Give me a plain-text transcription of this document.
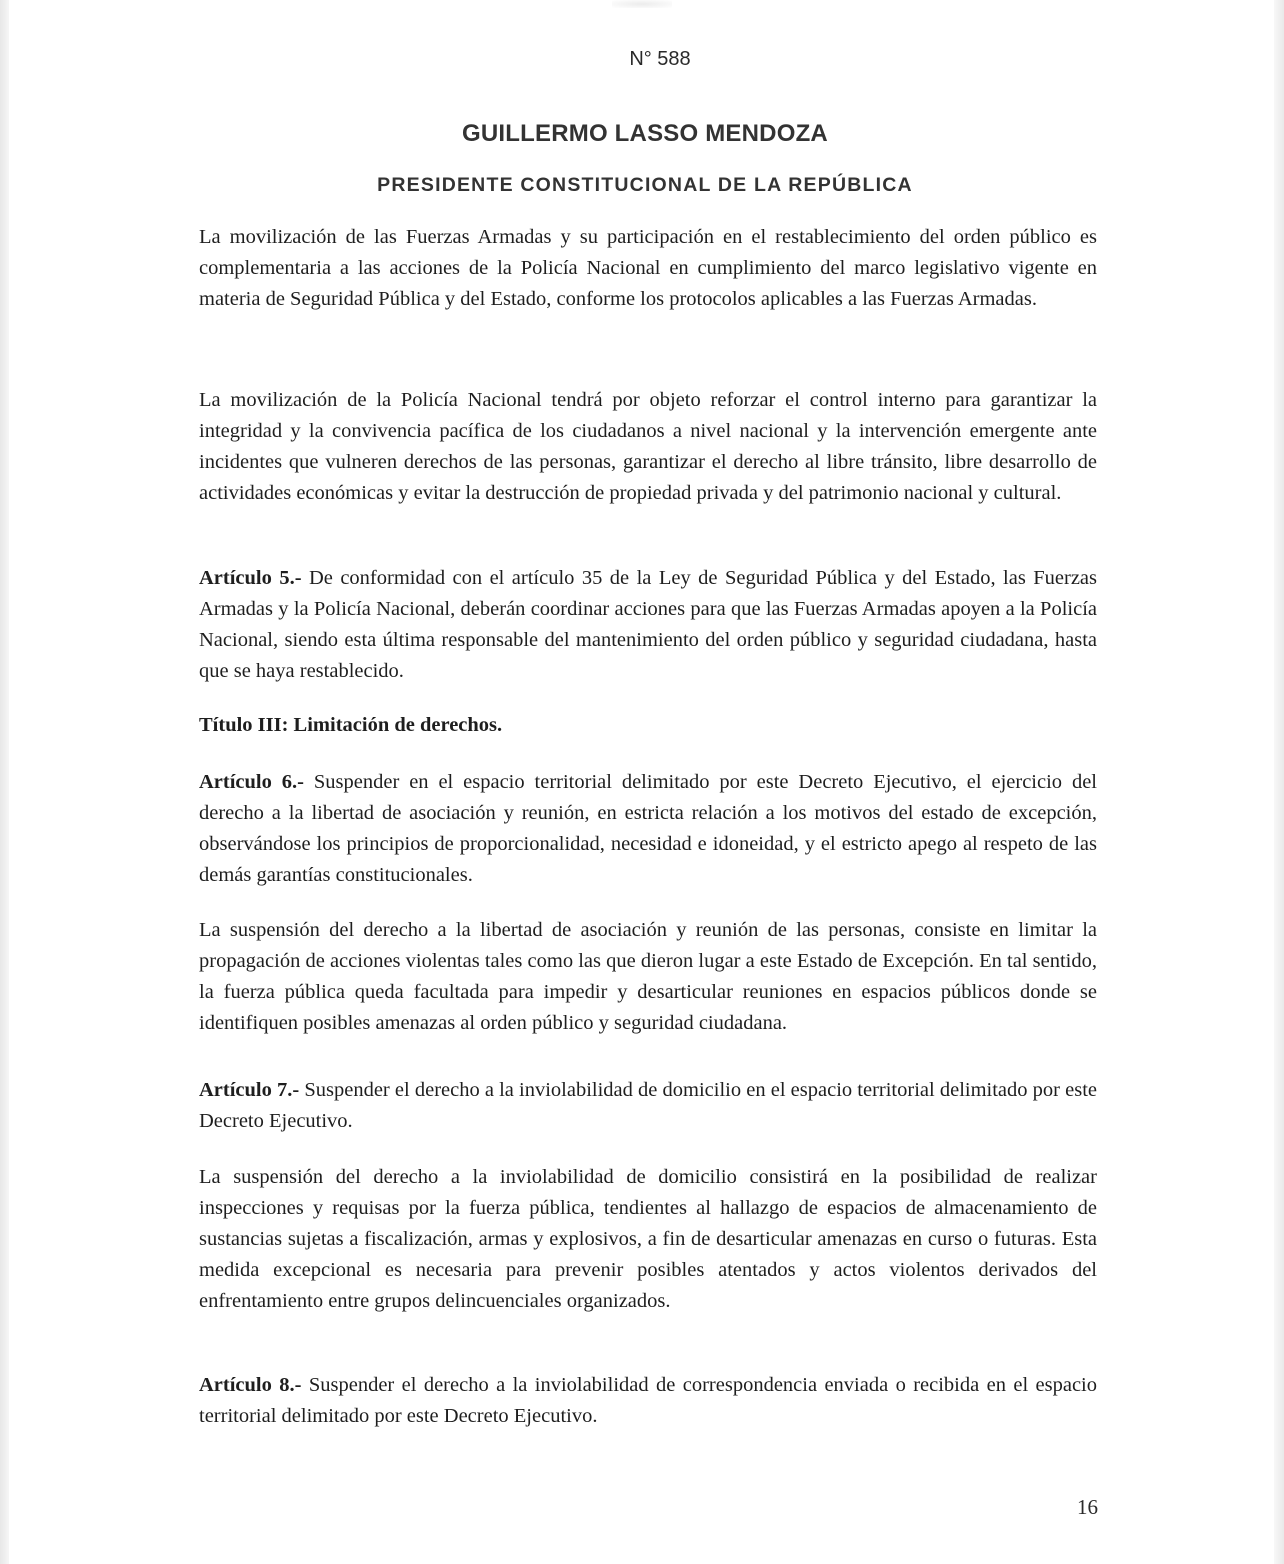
N° 588
GUILLERMO LASSO MENDOZA
PRESIDENTE CONSTITUCIONAL DE LA REPÚBLICA
La movilización de las Fuerzas Armadas y su participación en el restablecimiento del orden público es complementaria a las acciones de la Policía Nacional en cumplimiento del marco legislativo vigente en materia de Seguridad Pública y del Estado, conforme los protocolos aplicables a las Fuerzas Armadas.
La movilización de la Policía Nacional tendrá por objeto reforzar el control interno para garantizar la integridad y la convivencia pacífica de los ciudadanos a nivel nacional y la intervención emergente ante incidentes que vulneren derechos de las personas, garantizar el derecho al libre tránsito, libre desarrollo de actividades económicas y evitar la destrucción de propiedad privada y del patrimonio nacional y cultural.
Artículo 5.- De conformidad con el artículo 35 de la Ley de Seguridad Pública y del Estado, las Fuerzas Armadas y la Policía Nacional, deberán coordinar acciones para que las Fuerzas Armadas apoyen a la Policía Nacional, siendo esta última responsable del mantenimiento del orden público y seguridad ciudadana, hasta que se haya restablecido.
Título III: Limitación de derechos.
Artículo 6.- Suspender en el espacio territorial delimitado por este Decreto Ejecutivo, el ejercicio del derecho a la libertad de asociación y reunión, en estricta relación a los motivos del estado de excepción, observándose los principios de proporcionalidad, necesidad e idoneidad, y el estricto apego al respeto de las demás garantías constitucionales.
La suspensión del derecho a la libertad de asociación y reunión de las personas, consiste en limitar la propagación de acciones violentas tales como las que dieron lugar a este Estado de Excepción. En tal sentido, la fuerza pública queda facultada para impedir y desarticular reuniones en espacios públicos donde se identifiquen posibles amenazas al orden público y seguridad ciudadana.
Artículo 7.- Suspender el derecho a la inviolabilidad de domicilio en el espacio territorial delimitado por este Decreto Ejecutivo.
La suspensión del derecho a la inviolabilidad de domicilio consistirá en la posibilidad de realizar inspecciones y requisas por la fuerza pública, tendientes al hallazgo de espacios de almacenamiento de sustancias sujetas a fiscalización, armas y explosivos, a fin de desarticular amenazas en curso o futuras. Esta medida excepcional es necesaria para prevenir posibles atentados y actos violentos derivados del enfrentamiento entre grupos delincuenciales organizados.
Artículo 8.- Suspender el derecho a la inviolabilidad de correspondencia enviada o recibida en el espacio territorial delimitado por este Decreto Ejecutivo.
16
